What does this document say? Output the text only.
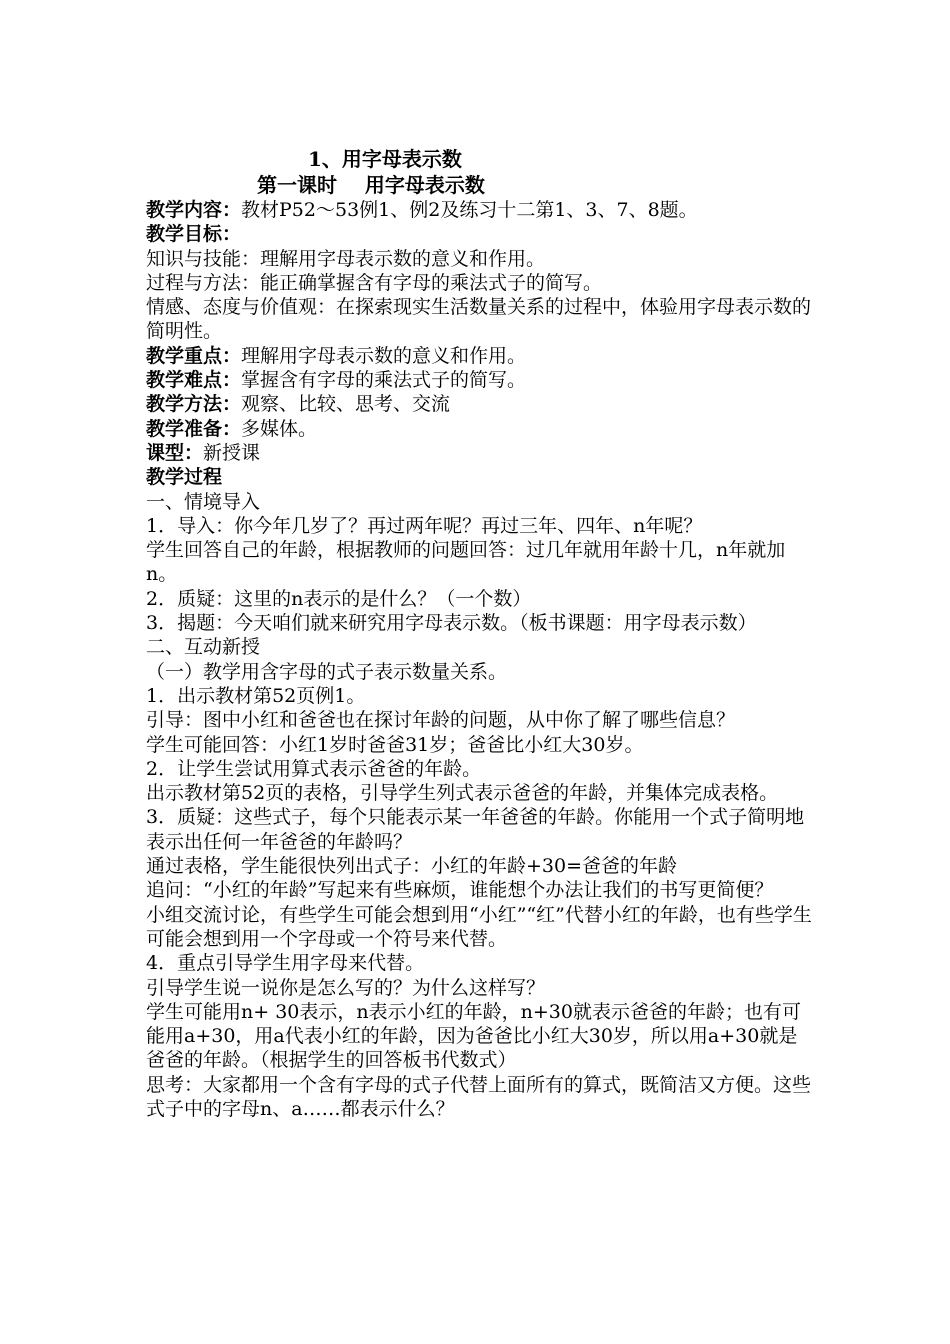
1、用字母表示数
第一课时    用字母表示数
教学内容：教材P52～53例1、例2及练习十二第1、3、7、8题。
教学目标：
知识与技能：理解用字母表示数的意义和作用。
过程与方法：能正确掌握含有字母的乘法式子的简写。
情感、态度与价值观：在探索现实生活数量关系的过程中，体验用字母表示数的简明性。
教学重点：理解用字母表示数的意义和作用。
教学难点：掌握含有字母的乘法式子的简写。
教学方法：观察、比较、思考、交流
教学准备：多媒体。
课型：新授课
教学过程
一、情境导入
1．导入：你今年几岁了？再过两年呢？再过三年、四年、n年呢？
学生回答自己的年龄，根据教师的问题回答：过几年就用年龄十几，n年就加n。
2．质疑：这里的n表示的是什么？（一个数）
3．揭题：今天咱们就来研究用字母表示数。（板书课题：用字母表示数）
二、互动新授
（一）教学用含字母的式子表示数量关系。
1．出示教材第52页例1。
引导：图中小红和爸爸也在探讨年龄的问题，从中你了解了哪些信息？
学生可能回答：小红1岁时爸爸31岁；爸爸比小红大30岁。
2．让学生尝试用算式表示爸爸的年龄。
出示教材第52页的表格，引导学生列式表示爸爸的年龄，并集体完成表格。
3．质疑：这些式子，每个只能表示某一年爸爸的年龄。你能用一个式子简明地表示出任何一年爸爸的年龄吗？
通过表格，学生能很快列出式子：小红的年龄+30=爸爸的年龄
追问：“小红的年龄”写起来有些麻烦，谁能想个办法让我们的书写更简便？
小组交流讨论，有些学生可能会想到用“小红”“红”代替小红的年龄，也有些学生可能会想到用一个字母或一个符号来代替。
4．重点引导学生用字母来代替。
引导学生说一说你是怎么写的？为什么这样写？
学生可能用n+ 30表示，n表示小红的年龄，n+30就表示爸爸的年龄；也有可能用a+30，用a代表小红的年龄，因为爸爸比小红大30岁，所以用a+30就是爸爸的年龄。（根据学生的回答板书代数式）
思考：大家都用一个含有字母的式子代替上面所有的算式，既简洁又方便。这些式子中的字母n、a……都表示什么？
